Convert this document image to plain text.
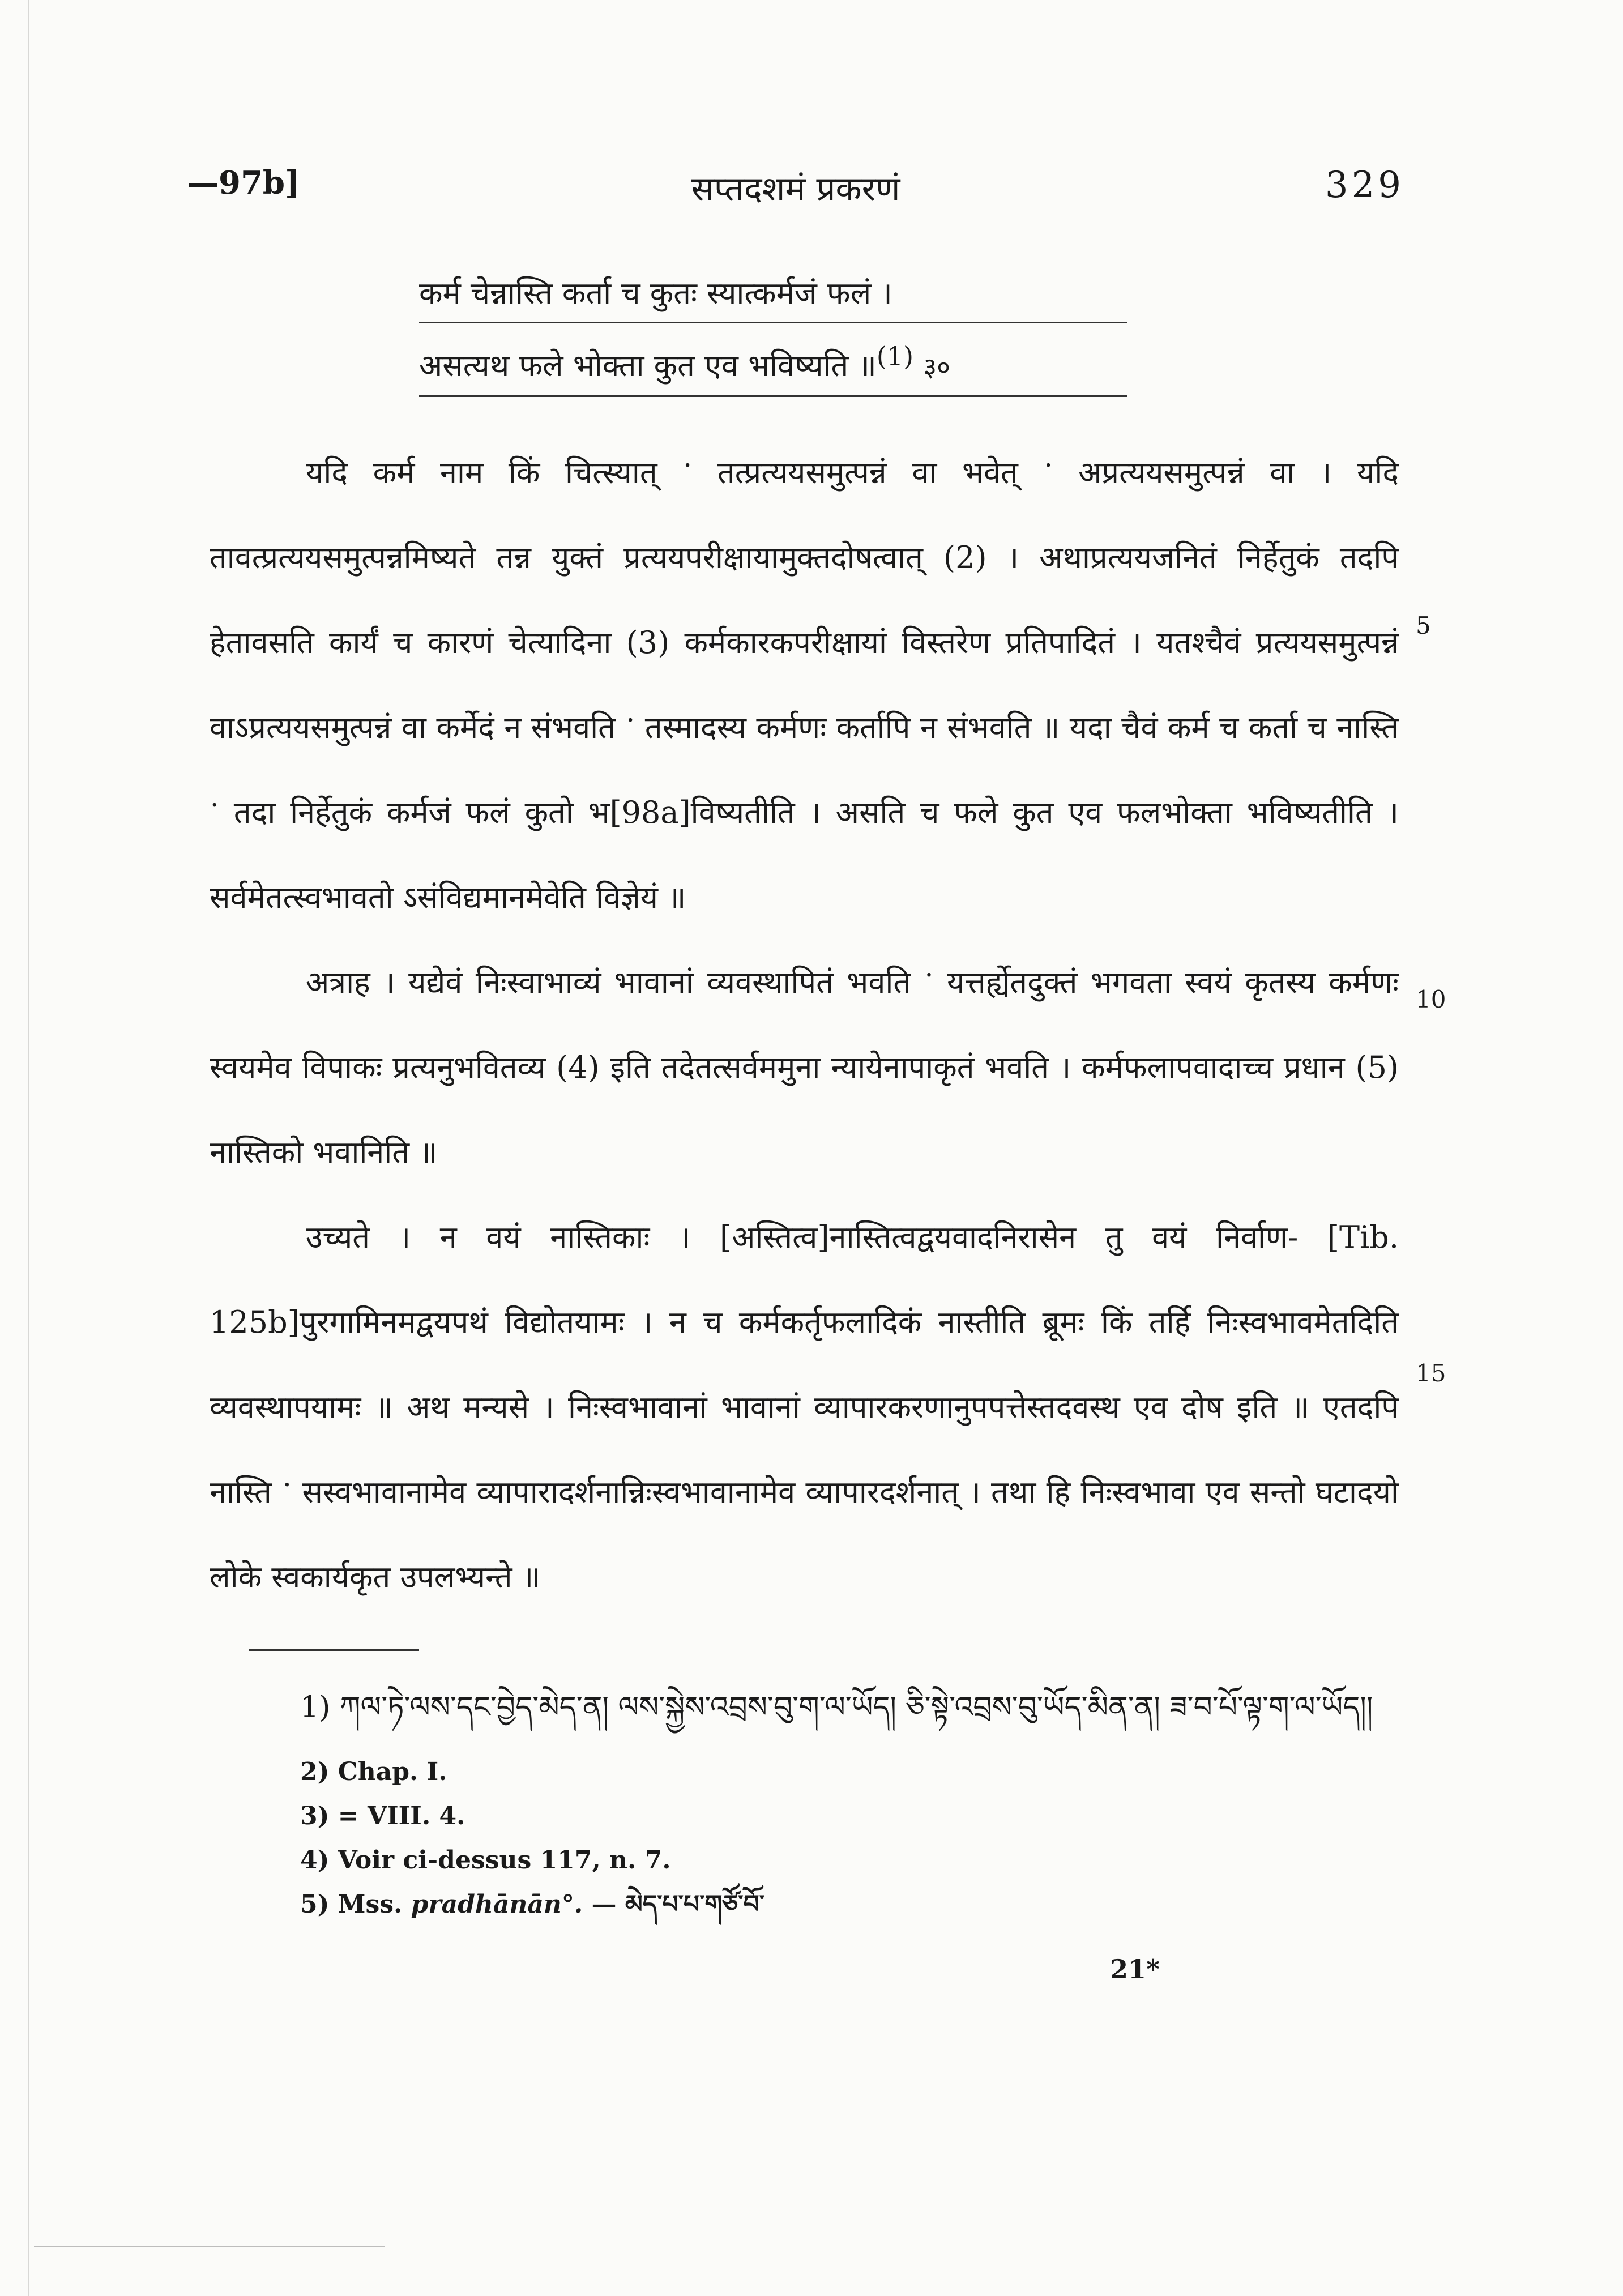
—97b]	सप्तदशमं प्रकरणं	329
कर्म चेन्नास्ति कर्ता च कुतः स्यात्कर्मजं फलं ।
असत्यथ फले भोक्ता कुत एव भविष्यति ॥$^{(1)}$ ३०

यदि कर्म नाम किं चित्स्यात् ॱ तत्प्रत्ययसमुत्पन्नं वा भवेत् ॱ अप्रत्ययसमुत्पन्नं वा । यदि तावत्प्रत्ययसमुत्पन्नमिष्यते तन्न युक्तं प्रत्ययपरीक्षायामुक्तदोषत्वात् (2) । अथाप्रत्ययजनितं निर्हेतुकं तदपि हेतावसति कार्यं च कारणं चेत्यादिना (3) कर्मकारकपरीक्षायां विस्तरेण प्रतिपादितं । यतश्चैवं प्रत्ययसमुत्पन्नं वाऽप्रत्ययसमुत्पन्नं वा कर्मेदं न संभवति ॱ तस्मादस्य कर्मणः कर्तापि न संभवति ॥ यदा चैवं कर्म च कर्ता च नास्ति ॱ तदा निर्हेतुकं कर्मजं फलं कुतो भ[98a]विष्यतीति । असति च फले कुत एव फलभोक्ता भविष्यतीति । सर्वमेतत्स्वभावतो ऽसंविद्यमानमेवेति विज्ञेयं ॥

अत्राह । यद्येवं निःस्वाभाव्यं भावानां व्यवस्थापितं भवति ॱ यत्तर्ह्येतदुक्तं भगवता स्वयं कृतस्य कर्मणः स्वयमेव विपाकः प्रत्यनुभवितव्य (4) इति तदेतत्सर्वममुना न्यायेनापाकृतं भवति । कर्मफलापवादाच्च प्रधान (5) नास्तिको भवानिति ॥

उच्यते । न वयं नास्तिकाः । [अस्तित्व]नास्तित्वद्वयवादनिरासेन तु वयं निर्वाण- [Tib. 125b]पुरगामिनमद्वयपथं विद्योतयामः । न च कर्मकर्तृफलादिकं नास्तीति ब्रूमः किं तर्हि निःस्वभावमेतदिति व्यवस्थापयामः ॥ अथ मन्यसे । निःस्वभावानां भावानां व्यापारकरणानुपपत्तेस्तदवस्थ एव दोष इति ॥ एतदपि नास्ति ॱ सस्वभावानामेव व्यापारादर्शनान्निःस्वभावानामेव व्यापारदर्शनात् । तथा हि निःस्वभावा एव सन्तो घटादयो लोके स्वकार्यकृत उपलभ्यन्ते ॥

5
10
15

1) ཀལ་ཏེ་ལས་དང་བྱེད་མེད་ན། ལས་སྐྱེས་འབྲས་བུ་ག་ལ་ཡོད། ཅི་སྟེ་འབྲས་བུ་ཡོད་མིན་ན། ཟ་བ་པོ་ལྟ་ག་ལ་ཡོད།།

2) Chap. I.

3) = VIII. 4.

4) Voir ci-dessus 117, n. 7.

5) Mss. pradhānān°. — མེད་པ་པ་གཙོ་བོ་

21*
